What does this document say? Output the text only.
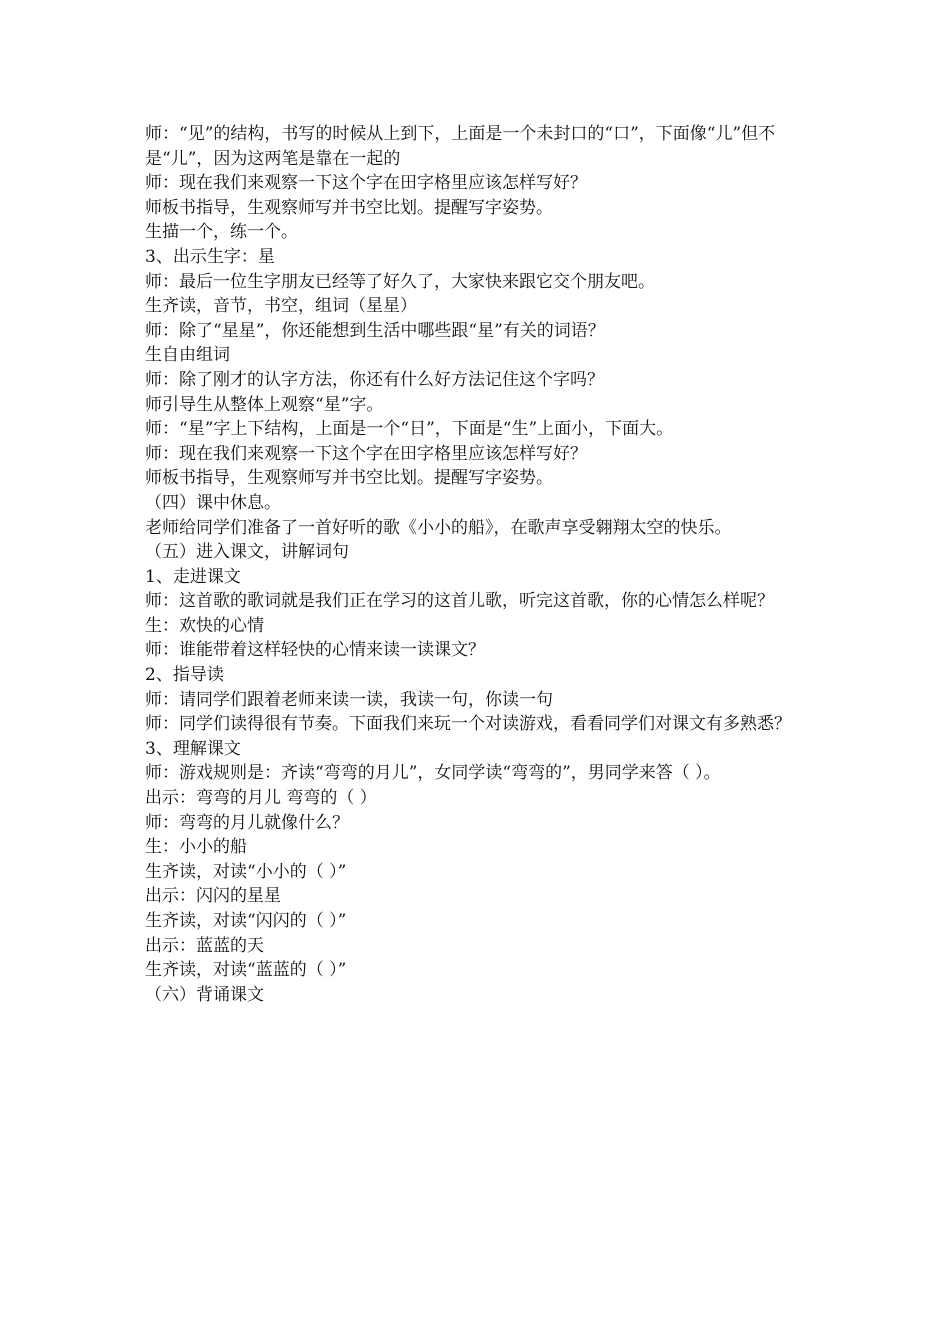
师：“见”的结构，书写的时候从上到下，上面是一个未封口的“口”，下面像“儿”但不是“儿”，因为这两笔是靠在一起的

师：现在我们来观察一下这个字在田字格里应该怎样写好？

师板书指导，生观察师写并书空比划。提醒写字姿势。

生描一个，练一个。

3、出示生字：星

师：最后一位生字朋友已经等了好久了，大家快来跟它交个朋友吧。

生齐读，音节，书空，组词（星星）

师：除了“星星”，你还能想到生活中哪些跟“星”有关的词语？

生自由组词

师：除了刚才的认字方法，你还有什么好方法记住这个字吗？

师引导生从整体上观察“星”字。

师：“星”字上下结构，上面是一个“日”，下面是“生”上面小，下面大。

师：现在我们来观察一下这个字在田字格里应该怎样写好？

师板书指导，生观察师写并书空比划。提醒写字姿势。

（四）课中休息。

老师给同学们准备了一首好听的歌《小小的船》，在歌声享受翱翔太空的快乐。

（五）进入课文，讲解词句

1、走进课文

师：这首歌的歌词就是我们正在学习的这首儿歌，听完这首歌，你的心情怎么样呢？

生：欢快的心情

师：谁能带着这样轻快的心情来读一读课文？

2、指导读

师：请同学们跟着老师来读一读，我读一句，你读一句

师：同学们读得很有节奏。下面我们来玩一个对读游戏，看看同学们对课文有多熟悉？

3、理解课文

师：游戏规则是：齐读“弯弯的月儿”，女同学读“弯弯的”，男同学来答（ ）。

出示：弯弯的月儿 弯弯的（ ）

师：弯弯的月儿就像什么？

生：小小的船

生齐读，对读“小小的（ ）”

出示：闪闪的星星

生齐读，对读“闪闪的（ ）”

出示：蓝蓝的天

生齐读，对读“蓝蓝的（ ）”

（六）背诵课文
